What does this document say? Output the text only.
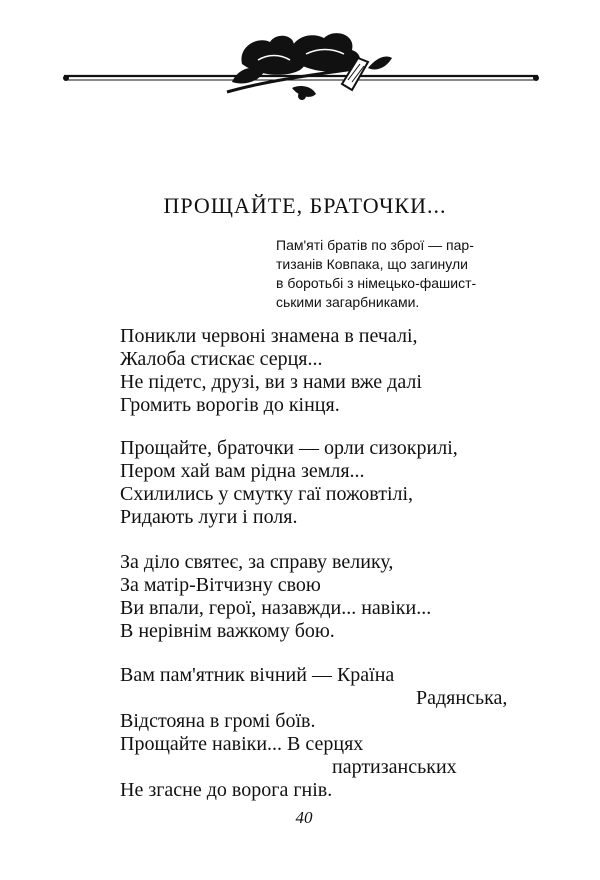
ПРОЩАЙТЕ, БРАТОЧКИ...
Пам'яті братів по зброї — пар-
тизанів Ковпака, що загинули
в боротьбі з німецько-фашист-
ськими загарбниками.
Поникли червоні знамена в печалі,
Жалоба стискає серця...
Не підетс, друзі, ви з нами вже далі
Громить ворогів до кінця.
Прощайте, браточки — орли сизокрилі,
Пером хай вам рідна земля...
Схилились у смутку гаї пожовтілі,
Ридають луги і поля.
За діло святеє, за справу велику,
За матір-Вітчизну свою
Ви впали, герої, назавжди... навіки...
В нерівнім важкому бою.
Вам пам'ятник вічний — Країна
Радянська,
Відстояна в громі боїв.
Прощайте навіки... В серцях
партизанських
Не згасне до ворога гнів.
40
